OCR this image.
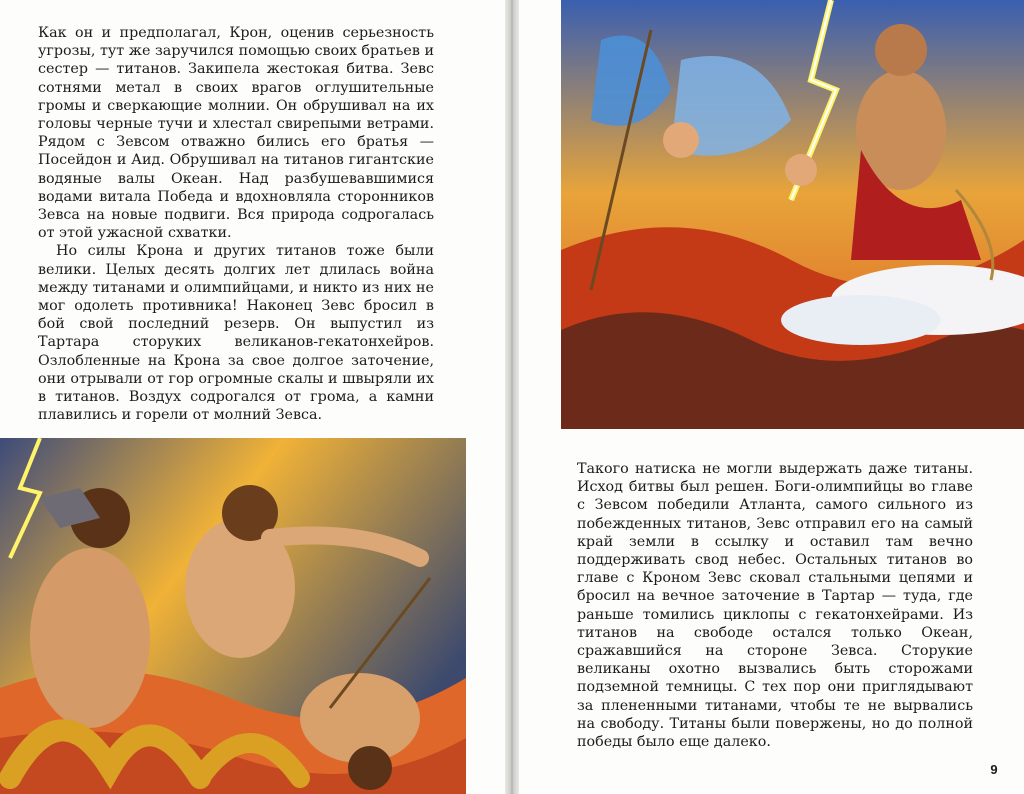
Как он и предполагал, Крон, оценив серьезность угрозы, тут же заручился помощью своих братьев и сестер — титанов. Закипела жестокая битва. Зевс сотнями метал в своих врагов оглушительные громы и сверкающие молнии. Он обрушивал на их головы черные тучи и хлестал свирепыми ветрами. Рядом с Зевсом отважно бились его братья — Посейдон и Аид. Обрушивал на титанов гигантские водяные валы Океан. Над разбушевавшимися водами витала Победа и вдохновляла сторонников Зевса на новые подвиги. Вся природа содрогалась от этой ужасной схватки.

Но силы Крона и других титанов тоже были велики. Целых десять долгих лет длилась война между титанами и олимпийцами, и никто из них не мог одолеть противника! Наконец Зевс бросил в бой свой последний резерв. Он выпустил из Тартара сторуких великанов-гекатонхейров. Озлобленные на Крона за свое долгое заточение, они отрывали от гор огромные скалы и швыряли их в титанов. Воздух содрогался от грома, а камни плавились и горели от молний Зевса.

Такого натиска не могли выдержать даже титаны. Исход битвы был решен. Боги-олимпийцы во главе с Зевсом победили Атланта, самого сильного из побежденных титанов, Зевс отправил его на самый край земли в ссылку и оставил там вечно поддерживать свод небес. Остальных титанов во главе с Кроном Зевс сковал стальными цепями и бросил на вечное заточение в Тартар — туда, где раньше томились циклопы с гекатонхейрами. Из титанов на свободе остался только Океан, сражавшийся на стороне Зевса. Сторукие великаны охотно вызвались быть сторожами подземной темницы. С тех пор они приглядывают за плененными титанами, чтобы те не вырвались на свободу. Титаны были повержены, но до полной победы было еще далеко.

9
